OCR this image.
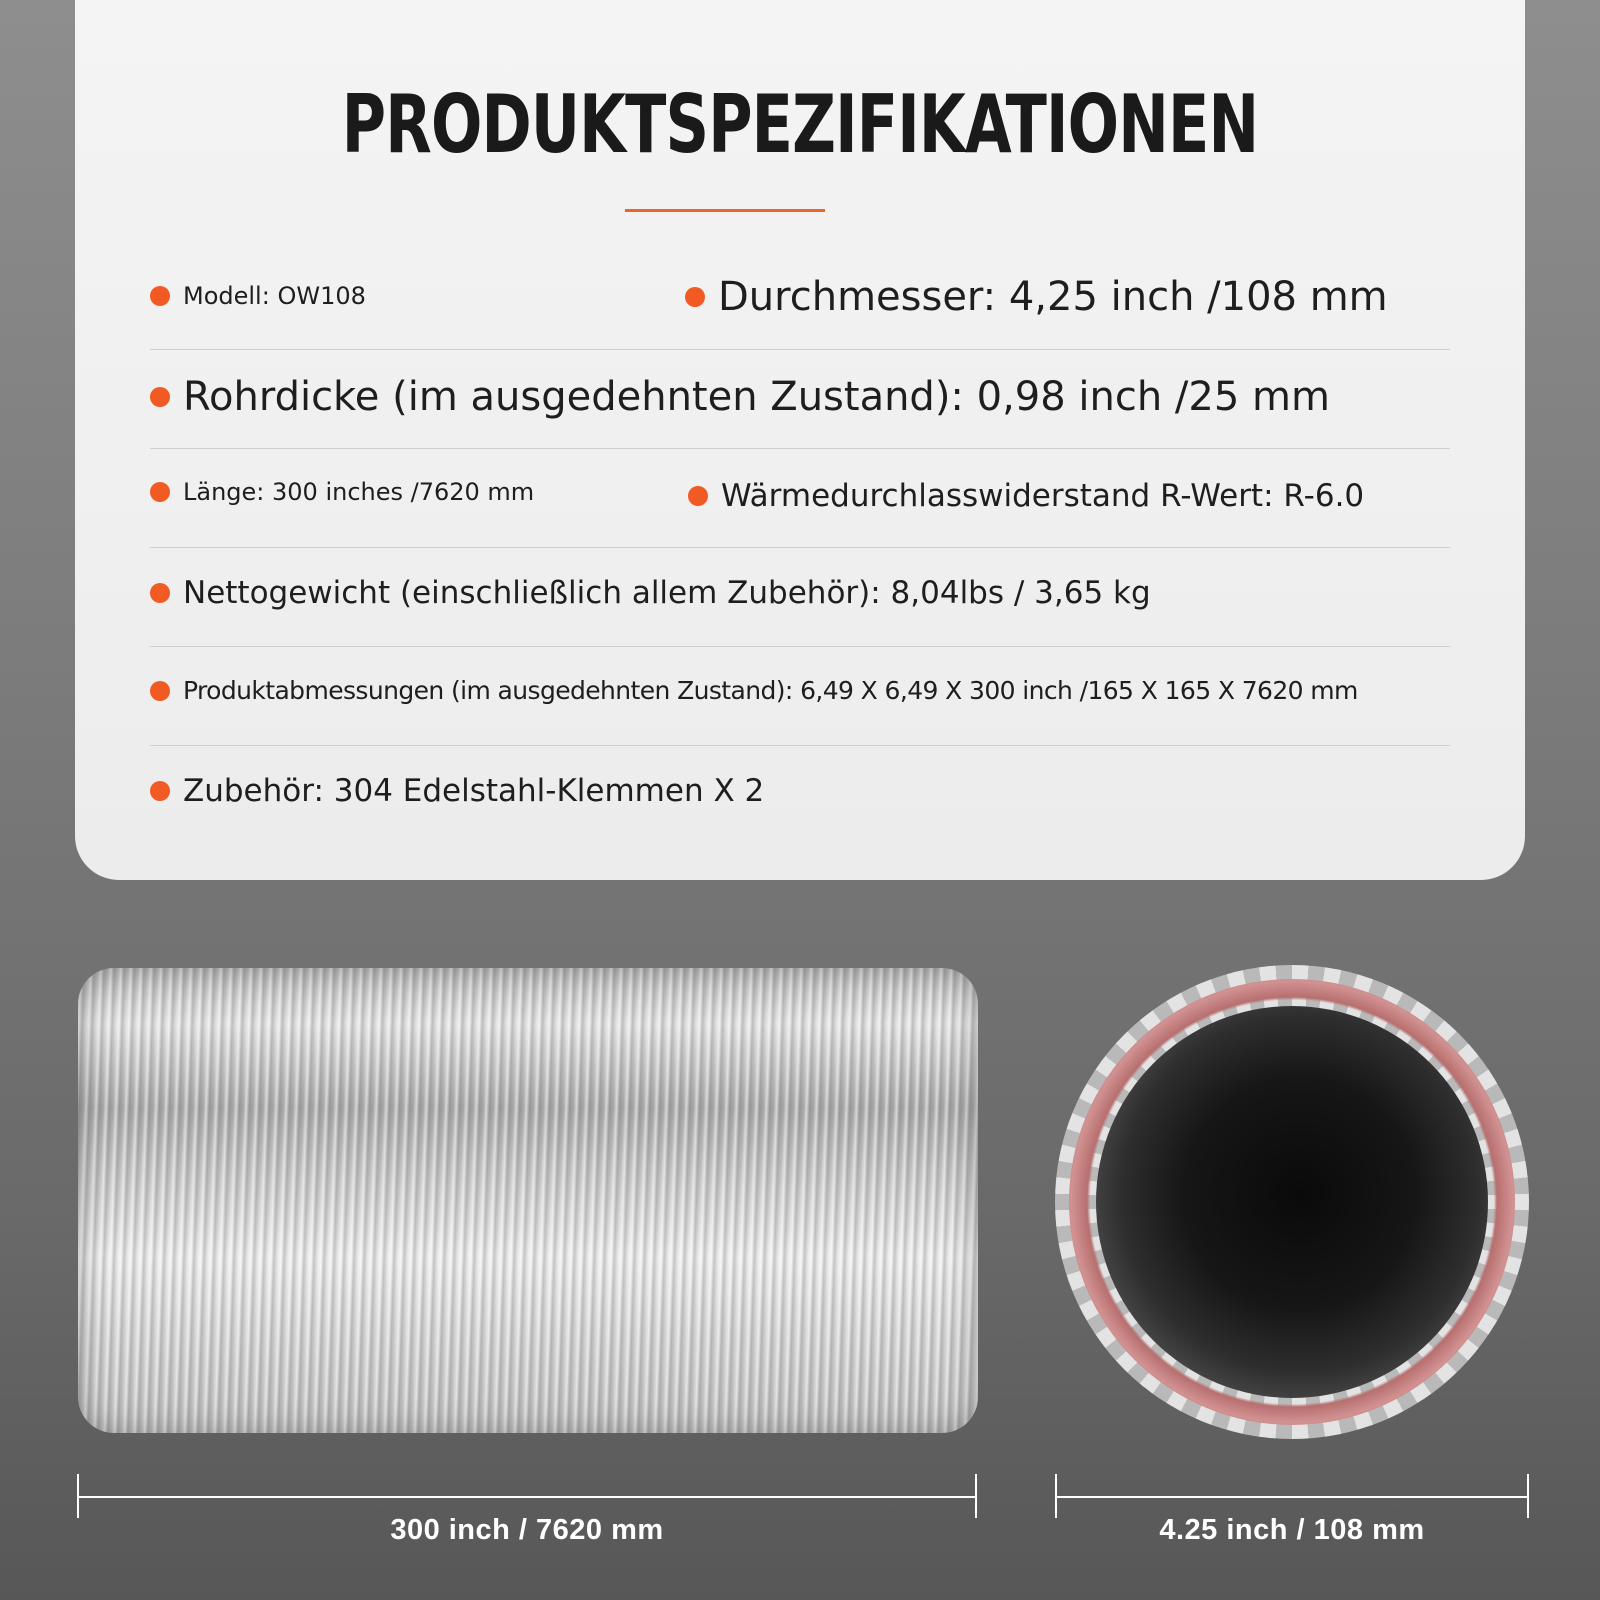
PRODUKTSPEZIFIKATIONEN
Modell: OW108	Durchmesser: 4,25 inch /108 mm
Rohrdicke (im ausgedehnten Zustand): 0,98 inch /25 mm
Länge: 300 inches /7620 mm	Wärmedurchlasswiderstand R-Wert: R-6.0
Nettogewicht (einschließlich allem Zubehör): 8,04lbs / 3,65 kg
Produktabmessungen (im ausgedehnten Zustand): 6,49 X 6,49 X 300 inch /165 X 165 X 7620 mm
Zubehör: 304 Edelstahl-Klemmen X 2
300 inch / 7620 mm	4.25 inch / 108 mm
